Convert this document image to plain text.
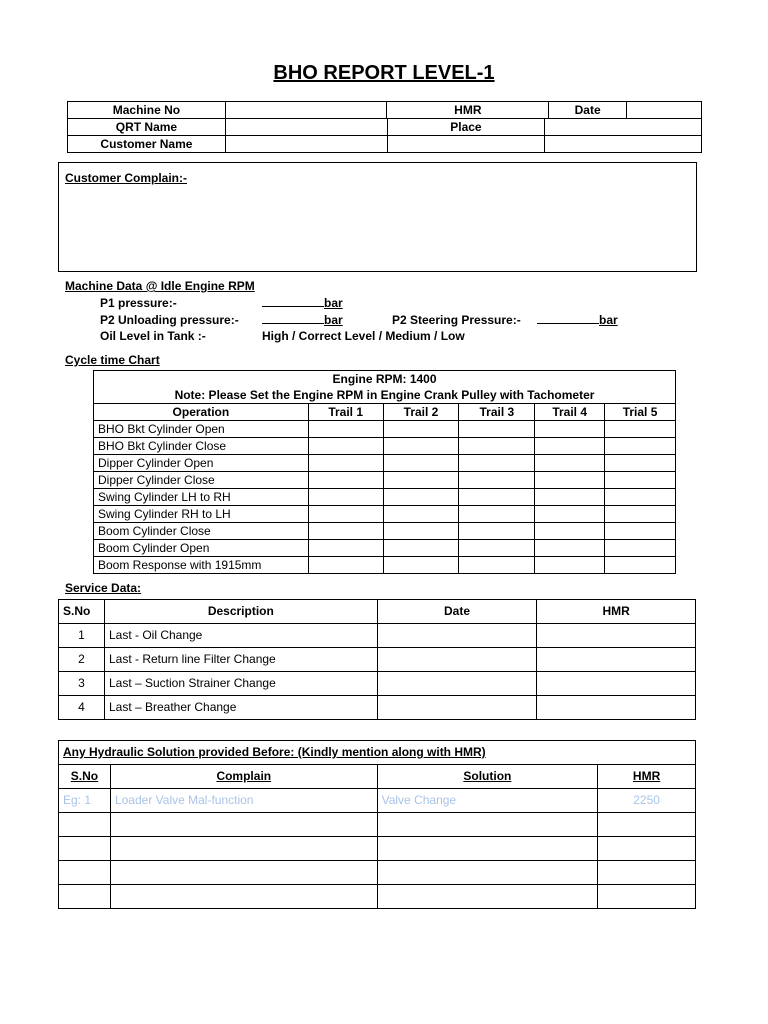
BHO REPORT LEVEL-1
Machine No		HMR	Date	
QRT Name		Place	
Customer Name			
Customer Complain:-
Machine Data @ Idle Engine RPM
P1 pressure:-	bar
P2 Unloading pressure:-	bar	P2 Steering Pressure:-	bar
Oil Level in Tank :-	High / Correct Level / Medium / Low
Cycle time Chart
Engine RPM: 1400					
Note: Please Set the Engine RPM in Engine Crank Pulley with Tachometer					
Operation	Trail 1	Trail 2	Trail 3	Trail 4	Trial 5
BHO Bkt Cylinder Open					
BHO Bkt Cylinder Close					
Dipper Cylinder Open					
Dipper Cylinder Close					
Swing Cylinder LH to RH					
Swing Cylinder RH to LH					
Boom Cylinder Close					
Boom Cylinder Open					
Boom Response with 1915mm					
Service Data:
S.No	Description	Date	HMR
1	Last - Oil Change		
2	Last - Return line Filter Change		
3	Last – Suction Strainer Change		
4	Last – Breather Change		
Any Hydraulic Solution provided Before: (Kindly mention along with HMR)			
S.No	Complain	Solution	HMR
Eg: 1	Loader Valve Mal-function	Valve Change	2250
